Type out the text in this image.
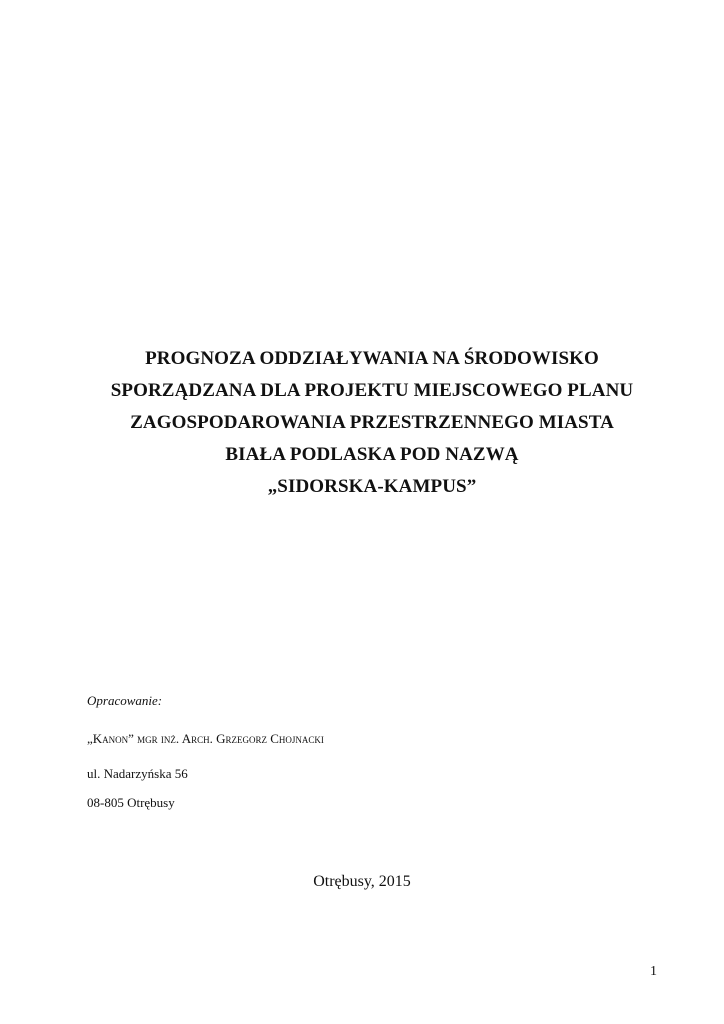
PROGNOZA ODDZIAŁYWANIA NA ŚRODOWISKO
SPORZĄDZANA DLA PROJEKTU MIEJSCOWEGO PLANU
ZAGOSPODAROWANIA PRZESTRZENNEGO MIASTA
BIAŁA PODLASKA POD NAZWĄ
„SIDORSKA-KAMPUS”
Opracowanie:
„Kanon” mgr inż. Arch. Grzegorz Chojnacki
ul. Nadarzyńska 56
08-805 Otrębusy
Otrębusy, 2015
1
